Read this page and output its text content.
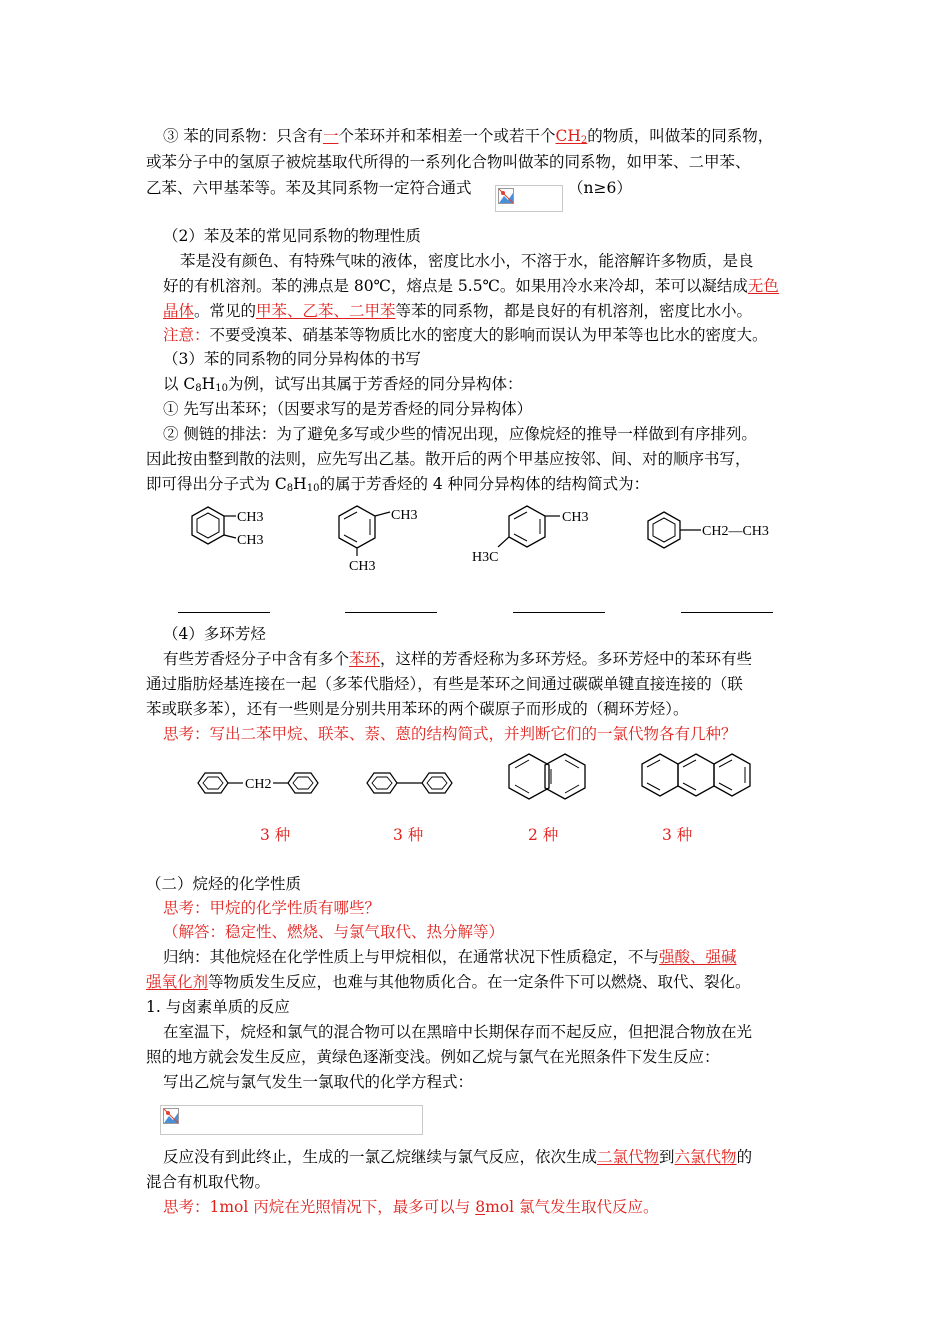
③ 苯的同系物：只含有一个苯环并和苯相差一个或若干个$CH_2$的物质，叫做苯的同系物，
或苯分子中的氢原子被烷基取代所得的一系列化合物叫做苯的同系物，如甲苯、二甲苯、
乙苯、六甲基苯等。苯及其同系物一定符合通式	（n≥6）
（2）苯及苯的常见同系物的物理性质
苯是没有颜色、有特殊气味的液体，密度比水小，不溶于水，能溶解许多物质，是良
好的有机溶剂。苯的沸点是 80℃，熔点是 5.5℃。如果用冷水来冷却，苯可以凝结成无色
晶体。常见的甲苯、乙苯、二甲苯等苯的同系物，都是良好的有机溶剂，密度比水小。
注意：不要受溴苯、硝基苯等物质比水的密度大的影响而误认为甲苯等也比水的密度大。
（3）苯的同系物的同分异构体的书写
以 $C_8H_{10}$为例，试写出其属于芳香烃的同分异构体：
① 先写出苯环；（因要求写的是芳香烃的同分异构体）
② 侧链的排法：为了避免多写或少些的情况出现，应像烷烃的推导一样做到有序排列。
因此按由整到散的法则，应先写出乙基。散开后的两个甲基应按邻、间、对的顺序书写，
即可得出分子式为 $C_8H_{10}$的属于芳香烃的 4 种同分异构体的结构简式为：
CH3
CH3
CH3
CH3
CH3
H3C
CH2—CH3
（4）多环芳烃
有些芳香烃分子中含有多个苯环，这样的芳香烃称为多环芳烃。多环芳烃中的苯环有些
通过脂肪烃基连接在一起（多苯代脂烃），有些是苯环之间通过碳碳单键直接连接的（联
苯或联多苯），还有一些则是分别共用苯环的两个碳原子而形成的（稠环芳烃）。
思考：写出二苯甲烷、联苯、萘、蒽的结构简式，并判断它们的一氯代物各有几种？
CH2
3 种	3 种	2 种	3 种
（二）烷烃的化学性质
思考：甲烷的化学性质有哪些？
（解答：稳定性、燃烧、与氯气取代、热分解等）
归纳：其他烷烃在化学性质上与甲烷相似，在通常状况下性质稳定，不与强酸、强碱
强氧化剂等物质发生反应，也难与其他物质化合。在一定条件下可以燃烧、取代、裂化。
1. 与卤素单质的反应
在室温下，烷烃和氯气的混合物可以在黑暗中长期保存而不起反应，但把混合物放在光
照的地方就会发生反应，黄绿色逐渐变浅。例如乙烷与氯气在光照条件下发生反应：
写出乙烷与氯气发生一氯取代的化学方程式：
反应没有到此终止，生成的一氯乙烷继续与氯气反应，依次生成二氯代物到六氯代物的
混合有机取代物。
思考：1mol 丙烷在光照情况下，最多可以与 8mol 氯气发生取代反应。
